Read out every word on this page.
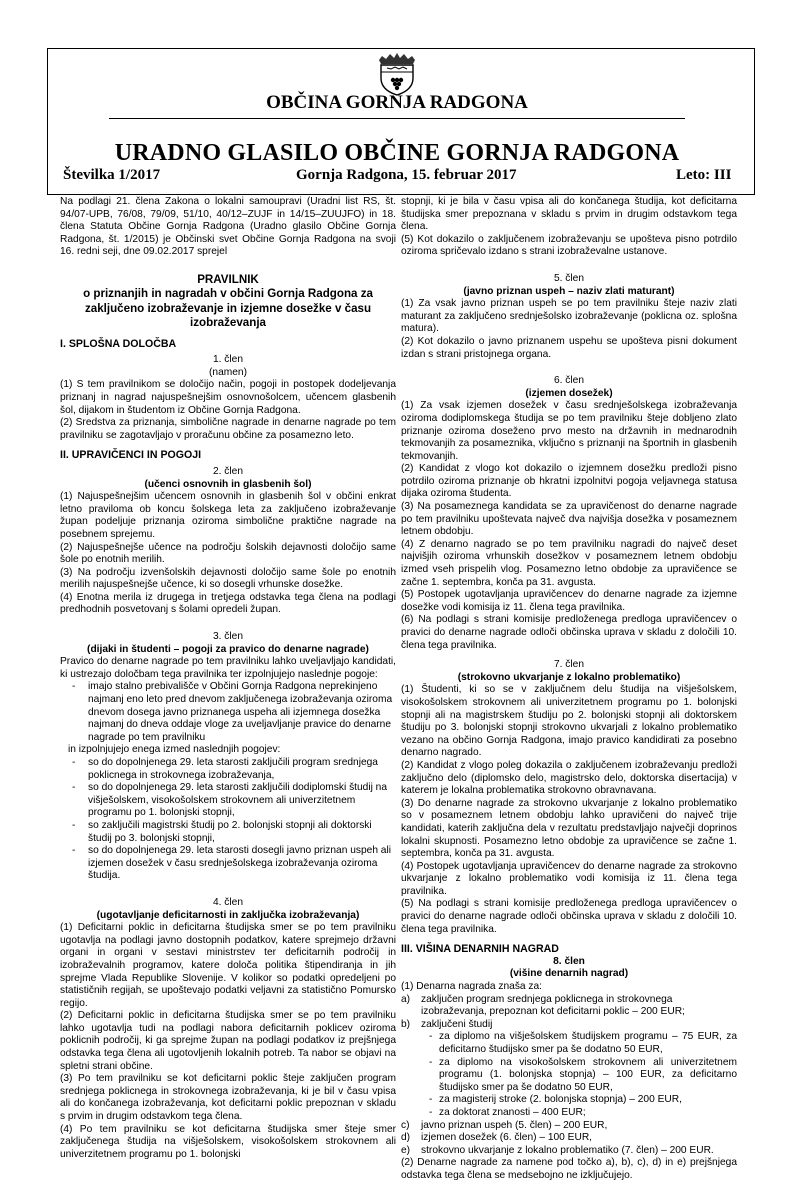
OBČINA GORNJA RADGONA
URADNO GLASILO OBČINE GORNJA RADGONA
Številka 1/2017	Gornja Radgona, 15. februar 2017	Leto: III

Na podlagi 21. člena Zakona o lokalni samoupravi (Uradni list RS, št. 94/07-UPB, 76/08, 79/09, 51/10, 40/12–ZUJF in 14/15–ZUUJFO) in 18. člena Statuta Občine Gornja Radgona (Uradno glasilo Občine Gornja Radgona, št. 1/2015) je Občinski svet Občine Gornja Radgona na svoji 16. redni seji, dne 09.02.2017 sprejel

PRAVILNIK
o priznanjih in nagradah v občini Gornja Radgona za
zaključeno izobraževanje in izjemne dosežke v času
izobraževanja

I. SPLOŠNA DOLOČBA

1. člen

(namen)

(1) S tem pravilnikom se določijo način, pogoji in postopek dodeljevanja priznanj in nagrad najuspešnejšim osnovnošolcem, učencem glasbenih šol, dijakom in študentom iz Občine Gornja Radgona.

(2) Sredstva za priznanja, simbolične nagrade in denarne nagrade po tem pravilniku se zagotavljajo v proračunu občine za posamezno leto.

II. UPRAVIČENCI IN POGOJI

2. člen

(učenci osnovnih in glasbenih šol)

(1) Najuspešnejšim učencem osnovnih in glasbenih šol v občini enkrat letno praviloma ob koncu šolskega leta za zaključeno izobraževanje župan podeljuje priznanja oziroma simbolične praktične nagrade na posebnem sprejemu.

(2) Najuspešnejše učence na področju šolskih dejavnosti določijo same šole po enotnih merilih.

(3) Na področju izvenšolskih dejavnosti določijo same šole po enotnih merilih najuspešnejše učence, ki so dosegli vrhunske dosežke.

(4) Enotna merila iz drugega in tretjega odstavka tega člena na podlagi predhodnih posvetovanj s šolami opredeli župan.

3. člen

(dijaki in študenti – pogoji za pravico do denarne nagrade)

Pravico do denarne nagrade po tem pravilniku lahko uveljavljajo kandidati, ki ustrezajo določbam tega pravilnika ter izpolnjujejo naslednje pogoje:

- imajo stalno prebivališče v Občini Gornja Radgona neprekinjeno najmanj eno leto pred dnevom zaključenega izobraževanja oziroma dnevom dosega javno priznanega uspeha ali izjemnega dosežka najmanj do dneva oddaje vloge za uveljavljanje pravice do denarne nagrade po tem pravilniku

in izpolnjujejo enega izmed naslednjih pogojev:

- so do dopolnjenega 29. leta starosti zaključili program srednjega poklicnega in strokovnega izobraževanja,
- so do dopolnjenega 29. leta starosti zaključili dodiplomski študij na višješolskem, visokošolskem strokovnem ali univerzitetnem programu po 1. bolonjski stopnji,
- so zaključili magistrski študij po 2. bolonjski stopnji ali doktorski študij po 3. bolonjski stopnji,
- so do dopolnjenega 29. leta starosti dosegli javno priznan uspeh ali izjemen dosežek v času srednješolskega izobraževanja oziroma študija.

4. člen

(ugotavljanje deficitarnosti in zaključka izobraževanja)

(1) Deficitarni poklic in deficitarna študijska smer se po tem pravilniku ugotavlja na podlagi javno dostopnih podatkov, katere sprejmejo državni organi in organi v sestavi ministrstev ter deficitarnih področij in izobraževalnih programov, katere določa politika štipendiranja in jih sprejme Vlada Republike Slovenije. V kolikor so podatki opredeljeni po statističnih regijah, se upoštevajo podatki veljavni za statistično Pomursko regijo.

(2) Deficitarni poklic in deficitarna študijska smer se po tem pravilniku lahko ugotavlja tudi na podlagi nabora deficitarnih poklicev oziroma poklicnih področij, ki ga sprejme župan na podlagi podatkov iz prejšnjega odstavka tega člena ali ugotovljenih lokalnih potreb. Ta nabor se objavi na spletni strani občine.

(3) Po tem pravilniku se kot deficitarni poklic šteje zaključen program srednjega poklicnega in strokovnega izobraževanja, ki je bil v času vpisa ali do končanega izobraževanja, kot deficitarni poklic prepoznan v skladu s prvim in drugim odstavkom tega člena.

(4) Po tem pravilniku se kot deficitarna študijska smer šteje smer zaključenega študija na višješolskem, visokošolskem strokovnem ali univerzitetnem programu po 1. bolonjski

stopnji, ki je bila v času vpisa ali do končanega študija, kot deficitarna študijska smer prepoznana v skladu s prvim in drugim odstavkom tega člena.

(5) Kot dokazilo o zaključenem izobraževanju se upošteva pisno potrdilo oziroma spričevalo izdano s strani izobraževalne ustanove.

5. člen

(javno priznan uspeh – naziv zlati maturant)

(1) Za vsak javno priznan uspeh se po tem pravilniku šteje naziv zlati maturant za zaključeno srednješolsko izobraževanje (poklicna oz. splošna matura).

(2) Kot dokazilo o javno priznanem uspehu se upošteva pisni dokument izdan s strani pristojnega organa.

6. člen

(izjemen dosežek)

(1) Za vsak izjemen dosežek v času srednješolskega izobraževanja oziroma dodiplomskega študija se po tem pravilniku šteje dobljeno zlato priznanje oziroma doseženo prvo mesto na državnih in mednarodnih tekmovanjih za posameznika, vključno s priznanji na športnih in glasbenih tekmovanjih.

(2) Kandidat z vlogo kot dokazilo o izjemnem dosežku predloži pisno potrdilo oziroma priznanje ob hkratni izpolnitvi pogoja veljavnega statusa dijaka oziroma študenta.

(3) Na posameznega kandidata se za upravičenost do denarne nagrade po tem pravilniku upoštevata največ dva najvišja dosežka v posameznem letnem obdobju.

(4) Z denarno nagrado se po tem pravilniku nagradi do največ deset najvišjih oziroma vrhunskih dosežkov v posameznem letnem obdobju izmed vseh prispelih vlog. Posamezno letno obdobje za upravičence se začne 1. septembra, konča pa 31. avgusta.

(5) Postopek ugotavljanja upravičencev do denarne nagrade za izjemne dosežke vodi komisija iz 11. člena tega pravilnika.

(6) Na podlagi s strani komisije predloženega predloga upravičencev o pravici do denarne nagrade odloči občinska uprava v skladu z določili 10. člena tega pravilnika.

7. člen

(strokovno ukvarjanje z lokalno problematiko)

(1) Študenti, ki so se v zaključnem delu študija na višješolskem, visokošolskem strokovnem ali univerzitetnem programu po 1. bolonjski stopnji ali na magistrskem študiju po 2. bolonjski stopnji ali doktorskem študiju po 3. bolonjski stopnji strokovno ukvarjali z lokalno problematiko vezano na občino Gornja Radgona, imajo pravico kandidirati za posebno denarno nagrado.

(2) Kandidat z vlogo poleg dokazila o zaključenem izobraževanju predloži zaključno delo (diplomsko delo, magistrsko delo, doktorska disertacija) v katerem je lokalna problematika strokovno obravnavana.

(3) Do denarne nagrade za strokovno ukvarjanje z lokalno problematiko so v posameznem letnem obdobju lahko upravičeni do največ trije kandidati, katerih zaključna dela v rezultatu predstavljajo največji doprinos lokalni skupnosti. Posamezno letno obdobje za upravičence se začne 1. septembra, konča pa 31. avgusta.

(4) Postopek ugotavljanja upravičencev do denarne nagrade za strokovno ukvarjanje z lokalno problematiko vodi komisija iz 11. člena tega pravilnika.

(5) Na podlagi s strani komisije predloženega predloga upravičencev o pravici do denarne nagrade odloči občinska uprava v skladu z določili 10. člena tega pravilnika.

III. VIŠINA DENARNIH NAGRAD

8. člen

(višine denarnih nagrad)

(1) Denarna nagrada znaša za:

a)	zaključen program srednjega poklicnega in strokovnega izobraževanja, prepoznan kot deficitarni poklic – 200 EUR;
b)	zaključeni študij

- za diplomo na višješolskem študijskem programu – 75 EUR, za deficitarno študijsko smer pa še dodatno 50 EUR,

- za diplomo na visokošolskem strokovnem ali univerzitetnem programu (1. bolonjska stopnja) – 100 EUR, za deficitarno študijsko smer pa še dodatno 50 EUR,

- za magisterij stroke (2. bolonjska stopnja) – 200 EUR,

- za doktorat znanosti – 400 EUR;

c)	javno priznan uspeh (5. člen) – 200 EUR,
d)	izjemen dosežek (6. člen) – 100 EUR,
e)	strokovno ukvarjanje z lokalno problematiko (7. člen) – 200 EUR.

(2) Denarne nagrade za namene pod točko a), b), c), d) in e) prejšnjega odstavka tega člena se medsebojno ne izključujejo.
